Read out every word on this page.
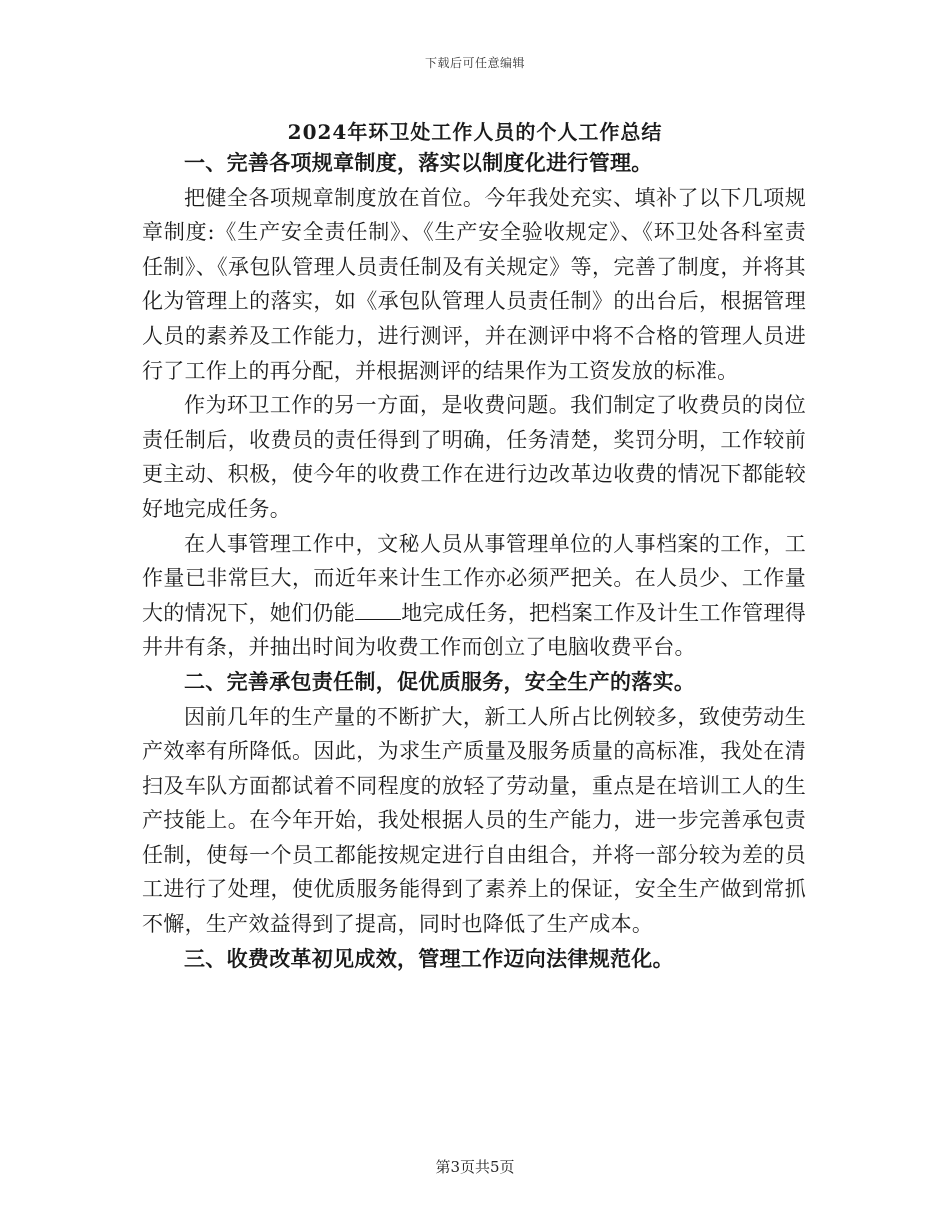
下载后可任意编辑
2024年环卫处工作人员的个人工作总结

一、完善各项规章制度，落实以制度化进行管理。

把健全各项规章制度放在首位。今年我处充实、填补了以下几项规章制度:《生产安全责任制》、《生产安全验收规定》、《环卫处各科室责任制》、《承包队管理人员责任制及有关规定》等，完善了制度，并将其化为管理上的落实，如《承包队管理人员责任制》的出台后，根据管理人员的素养及工作能力，进行测评，并在测评中将不合格的管理人员进行了工作上的再分配，并根据测评的结果作为工资发放的标准。

作为环卫工作的另一方面，是收费问题。我们制定了收费员的岗位责任制后，收费员的责任得到了明确，任务清楚，奖罚分明，工作较前更主动、积极，使今年的收费工作在进行边改革边收费的情况下都能较好地完成任务。

在人事管理工作中，文秘人员从事管理单位的人事档案的工作，工作量已非常巨大，而近年来计生工作亦必须严把关。在人员少、工作量大的情况下，她们仍能 地完成任务，把档案工作及计生工作管理得井井有条，并抽出时间为收费工作而创立了电脑收费平台。

二、完善承包责任制，促优质服务，安全生产的落实。

因前几年的生产量的不断扩大，新工人所占比例较多，致使劳动生产效率有所降低。因此，为求生产质量及服务质量的高标准，我处在清扫及车队方面都试着不同程度的放轻了劳动量，重点是在培训工人的生产技能上。在今年开始，我处根据人员的生产能力，进一步完善承包责任制，使每一个员工都能按规定进行自由组合，并将一部分较为差的员工进行了处理，使优质服务能得到了素养上的保证，安全生产做到常抓不懈，生产效益得到了提高，同时也降低了生产成本。

三、收费改革初见成效，管理工作迈向法律规范化。

第3页共5页
